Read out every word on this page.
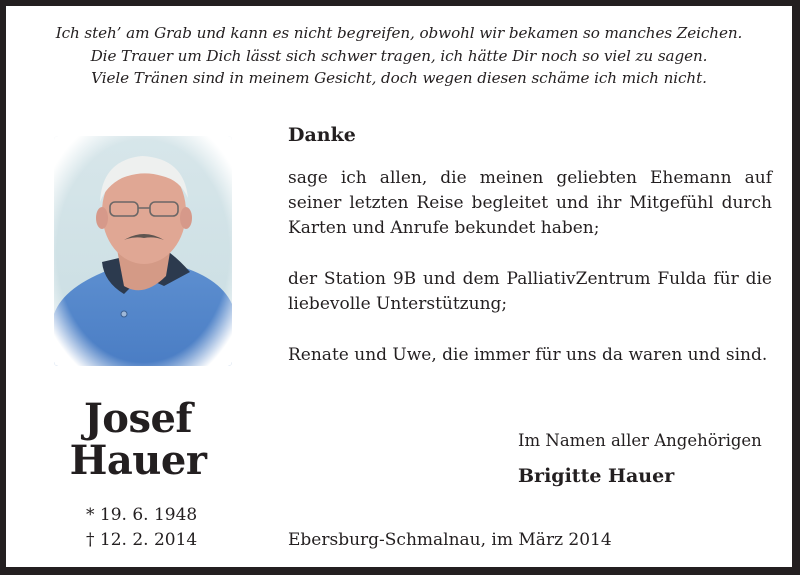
Ich steh’ am Grab und kann es nicht begreifen, obwohl wir bekamen so manches Zeichen.
Die Trauer um Dich lässt sich schwer tragen, ich hätte Dir noch so viel zu sagen.
Viele Tränen sind in meinem Gesicht, doch wegen diesen schäme ich mich nicht.
Josef
Hauer
* 19. 6. 1948
† 12. 2. 2014
Danke
sage ich allen, die meinen geliebten Ehemann auf seiner letzten Reise begleitet und ihr Mitgefühl durch Karten und Anrufe bekundet haben;
der Station 9B und dem PalliativZentrum Fulda für die liebevolle Unterstützung;
Renate und Uwe, die immer für uns da waren und sind.
Im Namen aller Angehörigen
Brigitte Hauer
Ebersburg-Schmalnau, im März 2014
